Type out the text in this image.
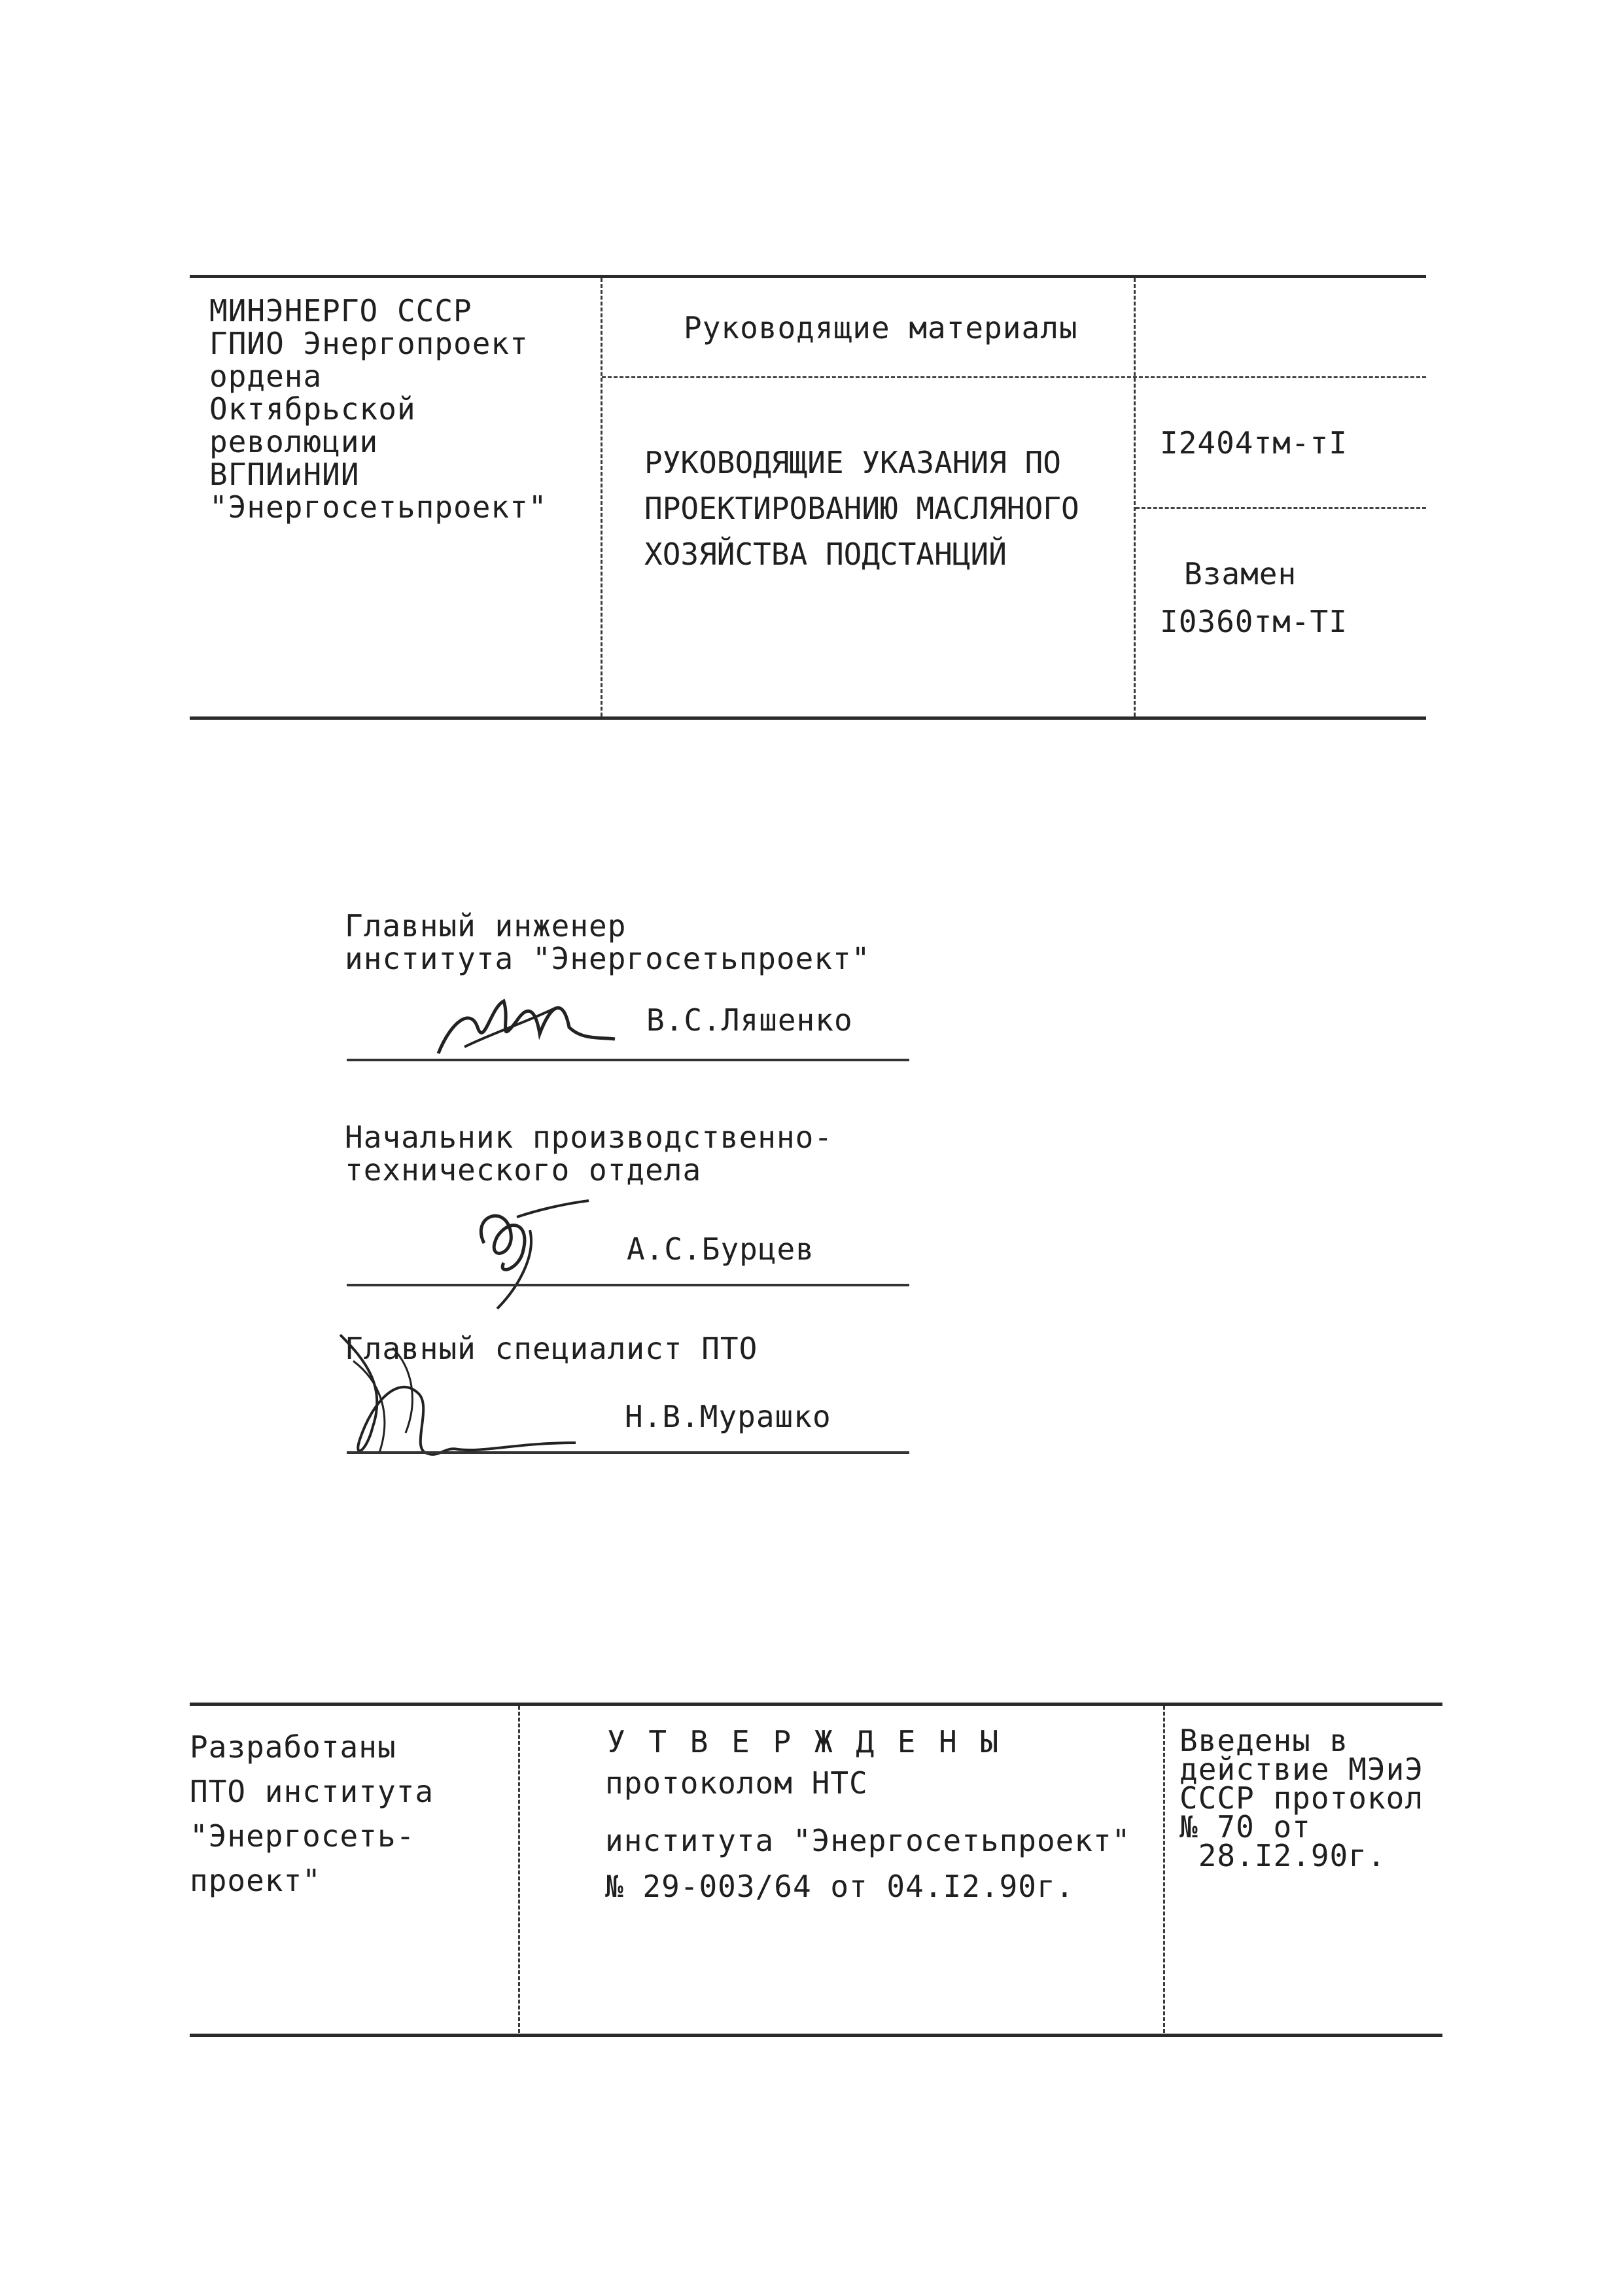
МИНЭНЕРГО СССР
ГПИО Энергопроект
ордена
Октябрьской
революции
ВГПИиНИИ
"Энергосетьпроект"
Руководящие материалы
РУКОВОДЯЩИЕ УКАЗАНИЯ ПО
ПРОЕКТИРОВАНИЮ МАСЛЯНОГО
ХОЗЯЙСТВА ПОДСТАНЦИЙ
I2404тм-тI
Взамен
I0360тм-TI
Главный инженер
института "Энергосетьпроект"
В.С.Ляшенко
Начальник производственно-
технического отдела
А.С.Бурцев
Главный специалист ПТО
Н.В.Мурашко
Разработаны
ПТО института
"Энергосеть-
проект"
У Т В Е Р Ж Д Е Н Ы
протоколом НТС
института "Энергосетьпроект"
№ 29-003/64 от 04.I2.90г.
Введены в
действие МЭиЭ
СССР протокол
№ 70 от
28.I2.90г.
